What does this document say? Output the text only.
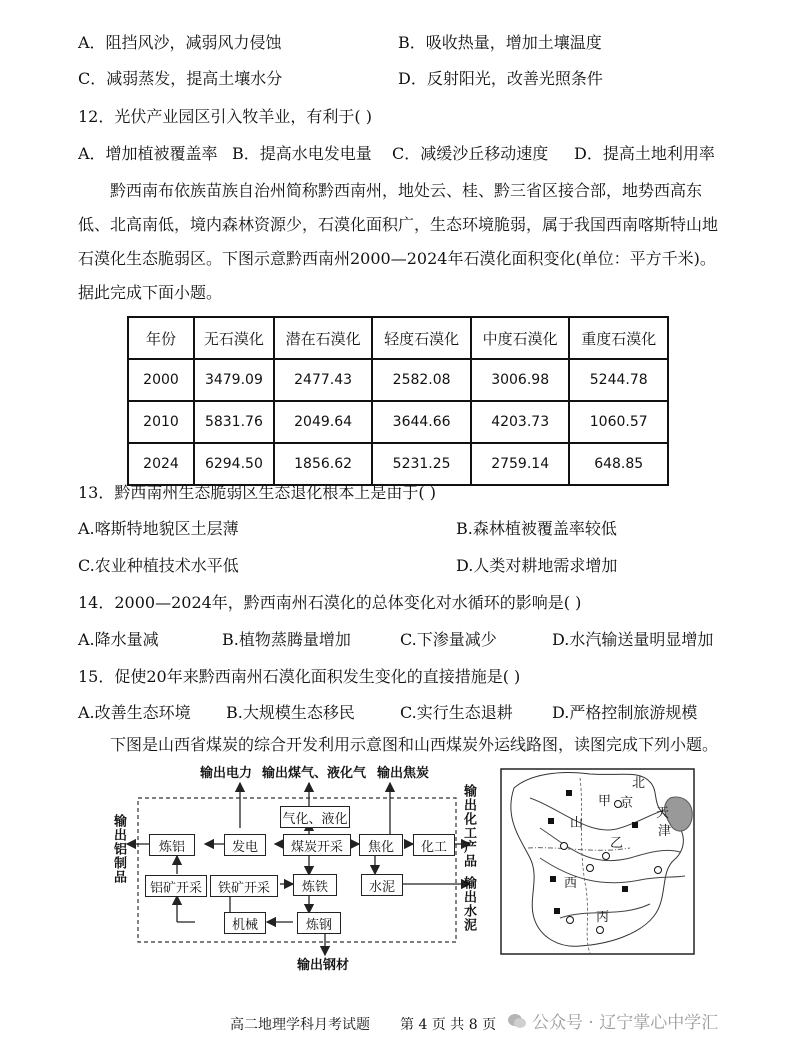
A．阻挡风沙，减弱风力侵蚀	B．吸收热量，增加土壤温度
C．减弱蒸发，提高土壤水分	D．反射阳光，改善光照条件
12．光伏产业园区引入牧羊业，有利于( )
A．增加植被覆盖率 B．提高水电发电量 C．减缓沙丘移动速度 D．提高土地利用率
黔西南布依族苗族自治州简称黔西南州，地处云、桂、黔三省区接合部，地势西高东低、北高南低，境内森林资源少，石漠化面积广，生态环境脆弱，属于我国西南喀斯特山地石漠化生态脆弱区。下图示意黔西南州2000—2024年石漠化面积变化(单位：平方千米)。据此完成下面小题。
年份	无石漠化	潜在石漠化	轻度石漠化	中度石漠化	重度石漠化
2000	3479.09	2477.43	2582.08	3006.98	5244.78
2010	5831.76	2049.64	3644.66	4203.73	1060.57
2024	6294.50	1856.62	5231.25	2759.14	648.85
13．黔西南州生态脆弱区生态退化根本上是由于( )
A.喀斯特地貌区土层薄	B.森林植被覆盖率较低
C.农业种植技术水平低	D.人类对耕地需求增加
14．2000—2024年，黔西南州石漠化的总体变化对水循环的影响是( )
A.降水量减	B.植物蒸腾量增加	C.下渗量减少	D.水汽输送量明显增加
15．促使20年来黔西南州石漠化面积发生变化的直接措施是( )
A.改善生态环境 B.大规模生态移民	C.实行生态退耕 D.严格控制旅游规模
下图是山西省煤炭的综合开发利用示意图和山西煤炭外运线路图，读图完成下列小题。
气化、液化
炼铝	发电	煤炭开采	焦化	化工
铝矿开采	铁矿开采	炼铁	水泥
机械	炼钢
输出电力 输出煤气、液化气 输出焦炭
输出铝制品	输出化工产品
输出水泥
输出钢材
北
京
天
津
甲
山
乙
西
丙
高二地理学科月考试题 第 4 页 共 8 页 公众号 · 辽宁掌心中学汇
